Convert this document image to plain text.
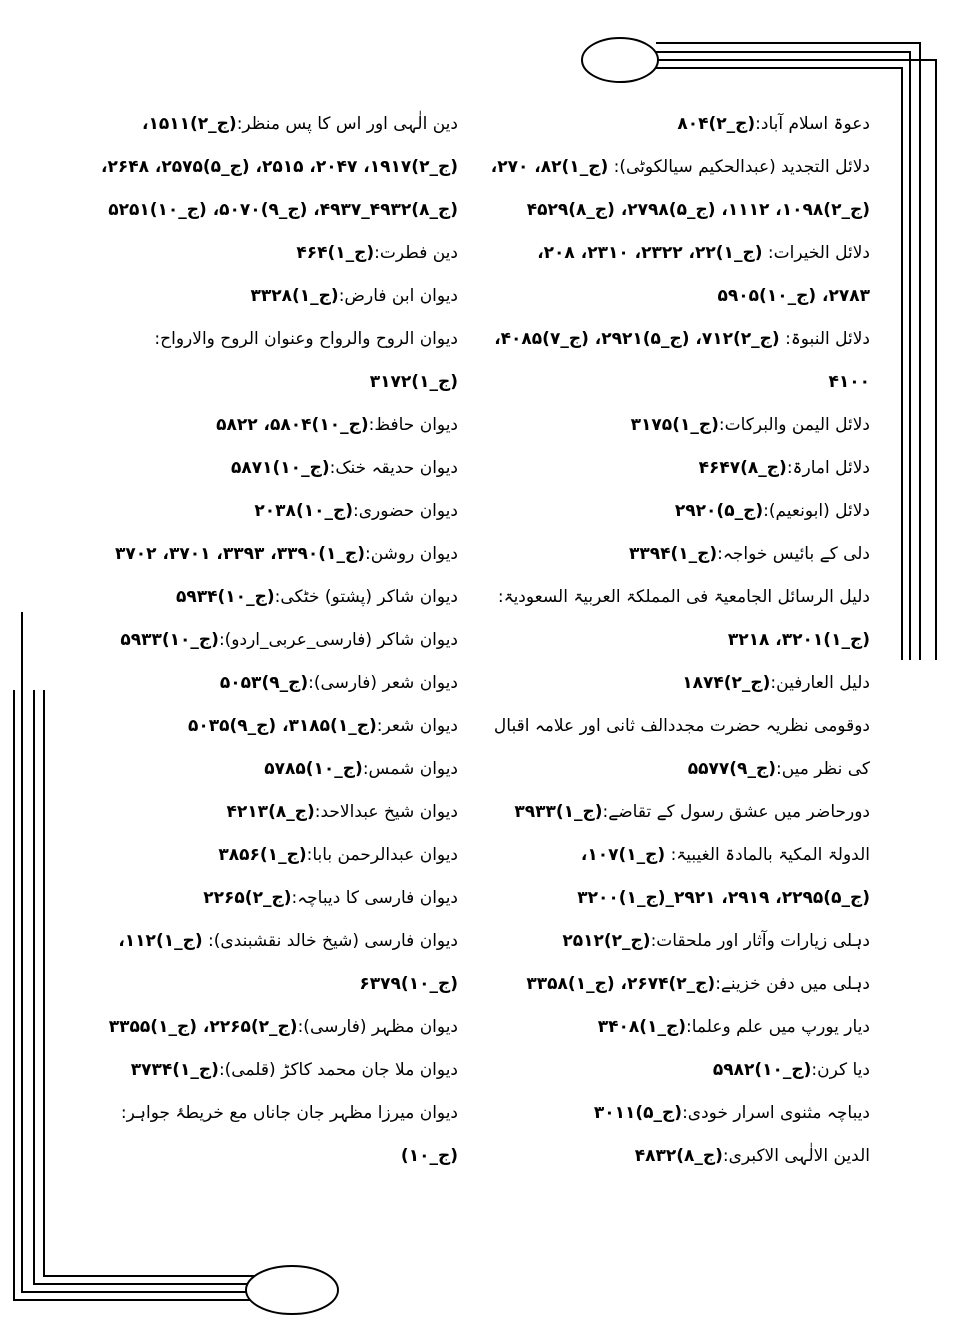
دعوۃ اسلام آباد:(ج_۲)۸۰۴
دلائل التجدید (عبدالحکیم سیالکوٹی): (ج_۱)۸۲، ۲۷۰، (ج_۲)۱۰۹۸، ۱۱۱۲، (ج_۵)۲۷۹۸، (ج_۸)۴۵۲۹
دلائل الخیرات: (ج_۱)۲۲، ۲۳۲۲، ۲۳۱۰، ۲۰۸، ۲۷۸۳، (ج_۱۰)۵۹۰۵
دلائل النبوۃ: (ج_۲)۷۱۲، (ج_۵)۲۹۲۱، (ج_۷)۴۰۸۵، ۴۱۰۰
دلائل الیمن والبرکات:(ج_۱)۳۱۷۵
دلائل امارۃ:(ج_۸)۴۶۴۷
دلائل (ابونعیم):(ج_۵)۲۹۲۰
دلی کے بائیس خواجہ:(ج_۱)۳۳۹۴
دلیل الرسائل الجامعیۃ فی المملکۃ العربیۃ السعودیۃ: (ج_۱)۳۲۰۱، ۳۲۱۸
دلیل العارفین:(ج_۲)۱۸۷۴
دوقومی نظریہ حضرت مجددالف ثانی اور علامہ اقبال کی نظر میں:(ج_۹)۵۵۷۷
دورحاضر میں عشق رسول کے تقاضے:(ج_۱)۳۹۳۳
الدولۃ المکیۃ بالمادۃ الغیبیۃ: (ج_۱)۱۰۷، (ج_۵)۲۲۹۵، ۲۹۱۹، ۲۹۲۱_(ج_۱)۳۲۰۰
دہلی زیارات وآثار اور ملحقات:(ج_۲)۲۵۱۲
دہلی میں دفن خزینے:(ج_۲)۲۶۷۴، (ج_۱)۳۳۵۸
دیار یورپ میں علم وعلما:(ج_۱)۳۴۰۸
دیا کرن:(ج_۱۰)۵۹۸۲
دیباچہ مثنوی اسرار خودی:(ج_۵)۳۰۱۱
الدین الالٰہی الاکبری:(ج_۸)۴۸۳۲
دین الٰہی اور اس کا پس منظر:(ج_۲)۱۵۱۱، (ج_۲)۱۹۱۷، ۲۰۴۷، ۲۵۱۵، (ج_۵)۲۵۷۵، ۲۶۴۸، (ج_۸)۴۹۳۲_۴۹۳۷، (ج_۹)۵۰۷۰، (ج_۱۰)۵۲۵۱
دین فطرت:(ج_۱)۴۶۴
دیوان ابن فارض:(ج_۱)۳۳۲۸
دیوان الروح والرواح وعنوان الروح والارواح:(ج_۱)۳۱۷۲
دیوان حافظ:(ج_۱۰)۵۸۰۴، ۵۸۲۲
دیوان حدیقہ خنک:(ج_۱۰)۵۸۷۱
دیوان حضوری:(ج_۱۰)۲۰۳۸
دیوان روشن:(ج_۱)۳۳۹۰، ۳۳۹۳، ۳۷۰۱، ۳۷۰۲
دیوان شاکر (پشتو) خٹکی:(ج_۱۰)۵۹۳۴
دیوان شاکر (فارسی_عربی_اردو):(ج_۱۰)۵۹۳۳
دیوان شعر (فارسی):(ج_۹)۵۰۵۳
دیوان شعر:(ج_۱)۳۱۸۵، (ج_۹)۵۰۳۵
دیوان شمس:(ج_۱۰)۵۷۸۵
دیوان شیخ عبدالاحد:(ج_۸)۴۲۱۳
دیوان عبدالرحمن بابا:(ج_۱)۳۸۵۶
دیوان فارسی کا دیباچہ:(ج_۲)۲۲۶۵
دیوان فارسی (شیخ خالد نقشبندی): (ج_۱)۱۱۲، (ج_۱۰)۶۳۷۹
دیوان مظہر (فارسی):(ج_۲)۲۲۶۵، (ج_۱)۳۳۵۵
دیوان ملا جان محمد کاکڑ (قلمی):(ج_۱)۳۷۳۴
دیوان میرزا مظہر جان جاناں مع خریطۂ جواہر:(ج_۱۰)
